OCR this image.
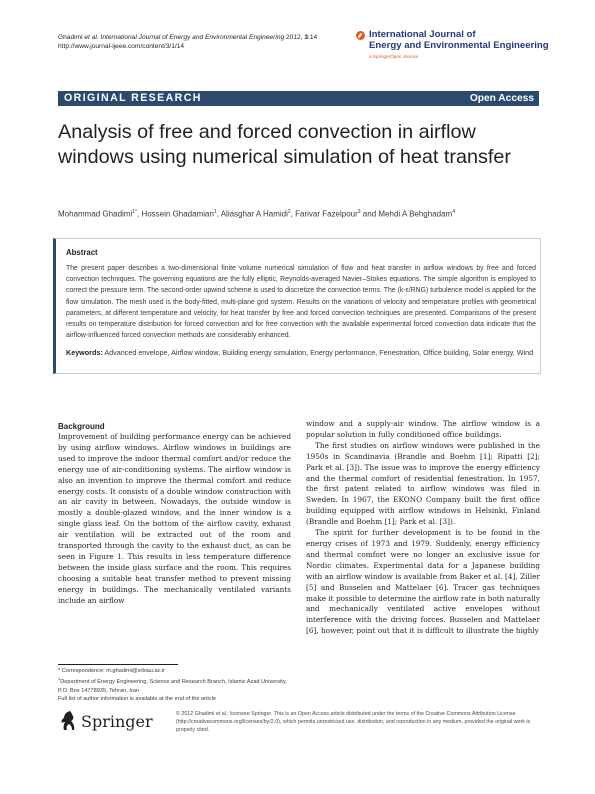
Ghadimi et al. International Journal of Energy and Environmental Engineering 2012, 3:14
http://www.journal-ijeee.com/content/3/1/14
International Journal of
Energy and Environmental Engineering
a SpringerOpen Journal
ORIGINAL RESEARCH	Open Access
Analysis of free and forced convection in airflow windows using numerical simulation of heat transfer
Mohammad Ghadimi$^{1*}$, Hossein Ghadamian$^1$, Aliasghar A Hamidi$^2$, Farivar Fazelpour$^3$ and Mehdi A Behghadam$^4$
Abstract
The present paper describes a two-dimensional finite volume numerical simulation of flow and heat transfer in airflow windows by free and forced convection techniques. The governing equations are the fully elliptic, Reynolds-averaged Navier–Stokes equations. The simple algorithm is employed to correct the pressure term. The second-order upwind scheme is used to discretize the convection terms. The (k-ε/RNG) turbulence model is applied for the flow simulation. The mesh used is the body-fitted, multi-plane grid system. Results on the variations of velocity and temperature profiles with geometrical parameters, at different temperature and velocity, for heat transfer by free and forced convection techniques are presented. Comparisons of the present results on temperature distribution for forced convection and for free convection with the available experimental forced convection data indicate that the airflow-influenced forced convection methods are considerably enhanced.
Keywords: Advanced envelope, Airflow window, Building energy simulation, Energy performance, Fenestration, Office building, Solar energy, Wind
Background

Improvement of building performance energy can be achieved by using airflow windows. Airflow windows in buildings are used to improve the indoor thermal comfort and/or reduce the energy use of air-conditioning systems. The airflow window is also an invention to improve the thermal comfort and reduce energy costs. It consists of a double window construction with an air cavity in between. Nowadays, the outside window is mostly a double-glazed window, and the inner window is a single glass leaf. On the bottom of the airflow cavity, exhaust air ventilation will be extracted out of the room and transported through the cavity to the exhaust duct, as can be seen in Figure 1. This results in less temperature difference between the inside glass surface and the room. This requires choosing a suitable heat transfer method to prevent missing energy in buildings. The mechanically ventilated variants include an airflow

window and a supply-air window. The airflow window is a popular solution in fully conditioned office buildings.

The first studies on airflow windows were published in the 1950s in Scandinavia (Brandle and Boehm [1]; Ripatti [2]; Park et al. [3]). The issue was to improve the energy efficiency and the thermal comfort of residential fenestration. In 1957, the first patent related to airflow windows was filed in Sweden. In 1967, the EKONO Company built the first office building equipped with airflow windows in Helsinki, Finland (Brandle and Boehm [1]; Park et al. [3]).

The spirit for further development is to be found in the energy crises of 1973 and 1979. Suddenly, energy efficiency and thermal comfort were no longer an exclusive issue for Nordic climates. Experimental data for a Japanese building with an airflow window is available from Baker et al. [4], Ziller [5] and Busselen and Mattelaer [6]. Tracer gas techniques make it possible to determine the airflow rate in both naturally and mechanically ventilated active envelopes without interference with the driving forces. Busselen and Mattelaer [6], however, point out that it is difficult to illustrate the highly

* Correspondence: m.ghadimi@srbiau.ac.ir
$^1$Department of Energy Engineering, Science and Research Branch, Islamic Azad University, P.O. Box 14778935, Tehran, Iran
Full list of author information is available at the end of the article
Springer	© 2012 Ghadimi et al.; licensee Springer. This is an Open Access article distributed under the terms of the Creative Commons Attribution License (http://creativecommons.org/licenses/by/2.0), which permits unrestricted use, distribution, and reproduction in any medium, provided the original work is properly cited.
